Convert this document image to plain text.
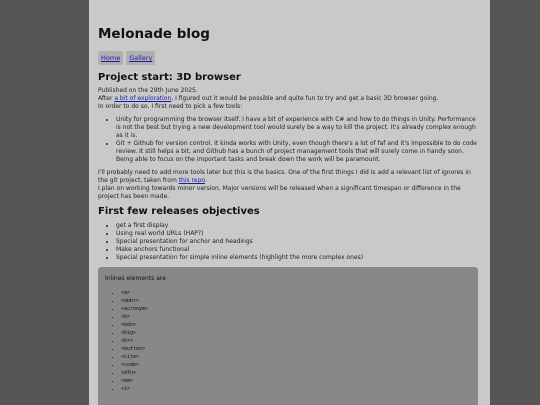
Melonade blog
Home	Gallery
Project start: 3D browser

Published on the 29th June 2025.

After a bit of exploration, I figured out it would be possible and quite fun to try and get a basic 3D browser going.

In order to do so, I first need to pick a few tools:

• Unity for programming the browser itself. I have a bit of experience with C# and how to do things in Unity. Performance is not the best but trying a new development tool would surely be a way to kill the project. It's already complex enough as it is.
• Git + Github for version control. It kinda works with Unity, even though there's a lot of faf and it's impossible to do code review. It still helps a bit, and Github has a bunch of project management tools that will surely come in handy soon. Being able to focus on the important tasks and break down the work will be paramount.

I'll probably need to add more tools later but this is the basics. One of the first things I did is add a relevant list of ignores in the git project, taken from this repo.

I plan on working towards minor version. Major versions will be released when a significant timespan or difference in the project has been made.

First few releases objectives
• get a first display
• Using real world URLs (HAP?)
• Special presentation for anchor and headings
• Make anchors functional
• Special presentation for simple inline elements (highlight the more complex ones)

Inlines elements are

• <a>
• <abbr>
• <acronym>
• <b>
• <bdo>
• <big>
• <br>
• <button>
• <cite>
• <code>
• <dfn>
• <em>
• <i>
